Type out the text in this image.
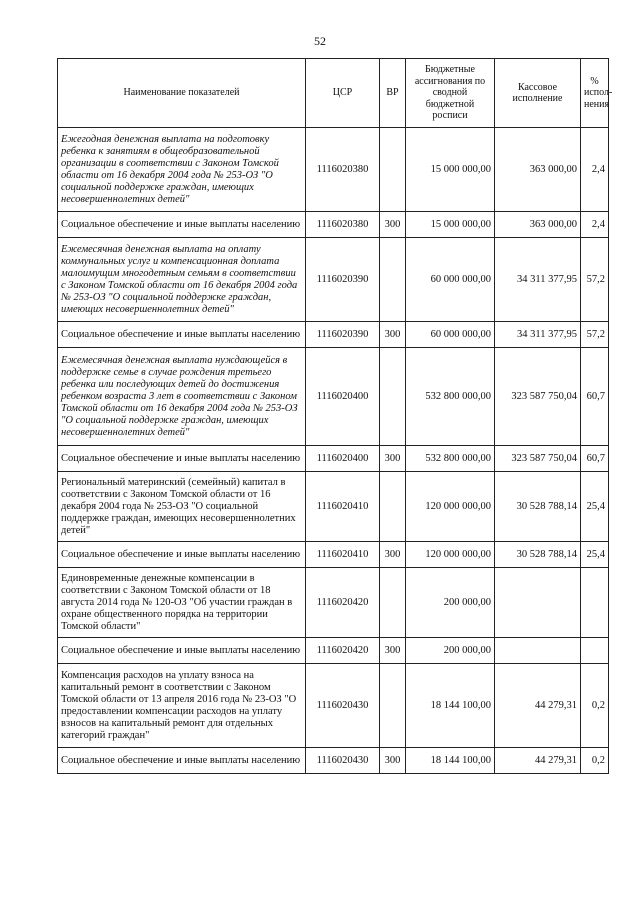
52
Наименование показателей	ЦСР	ВР	Бюджетные ассигнования по сводной бюджетной росписи	Кассовое исполнение	% испол-нения
Ежегодная денежная выплата на подготовку ребенка к занятиям в общеобразовательной организации в соответствии с Законом Томской области от 16 декабря 2004 года № 253-ОЗ "О социальной поддержке граждан, имеющих несовершеннолетних детей"	1116020380		15 000 000,00	363 000,00	2,4
Социальное обеспечение и иные выплаты населению	1116020380	300	15 000 000,00	363 000,00	2,4
Ежемесячная денежная выплата на оплату коммунальных услуг и компенсационная доплата малоимущим многодетным семьям в соответствии с Законом Томской области от 16 декабря 2004 года № 253-ОЗ "О социальной поддержке граждан, имеющих несовершеннолетних детей"	1116020390		60 000 000,00	34 311 377,95	57,2
Социальное обеспечение и иные выплаты населению	1116020390	300	60 000 000,00	34 311 377,95	57,2
Ежемесячная денежная выплата нуждающейся в поддержке семье в случае рождения третьего ребенка или последующих детей до достижения ребенком возраста 3 лет в соответствии с Законом Томской области от 16 декабря 2004 года № 253-ОЗ "О социальной поддержке граждан, имеющих несовершеннолетних детей"	1116020400		532 800 000,00	323 587 750,04	60,7
Социальное обеспечение и иные выплаты населению	1116020400	300	532 800 000,00	323 587 750,04	60,7
Региональный материнский (семейный) капитал в соответствии с Законом Томской области от 16 декабря 2004 года № 253-ОЗ "О социальной поддержке граждан, имеющих несовершеннолетних детей"	1116020410		120 000 000,00	30 528 788,14	25,4
Социальное обеспечение и иные выплаты населению	1116020410	300	120 000 000,00	30 528 788,14	25,4
Единовременные денежные компенсации в соответствии с Законом Томской области от 18 августа 2014 года № 120-ОЗ "Об участии граждан в охране общественного порядка на территории Томской области"	1116020420		200 000,00		
Социальное обеспечение и иные выплаты населению	1116020420	300	200 000,00		
Компенсация расходов на уплату взноса на капитальный ремонт в соответствии с Законом Томской области от 13 апреля 2016 года № 23-ОЗ "О предоставлении компенсации расходов на уплату взносов на капитальный ремонт для отдельных категорий граждан"	1116020430		18 144 100,00	44 279,31	0,2
Социальное обеспечение и иные выплаты населению	1116020430	300	18 144 100,00	44 279,31	0,2
